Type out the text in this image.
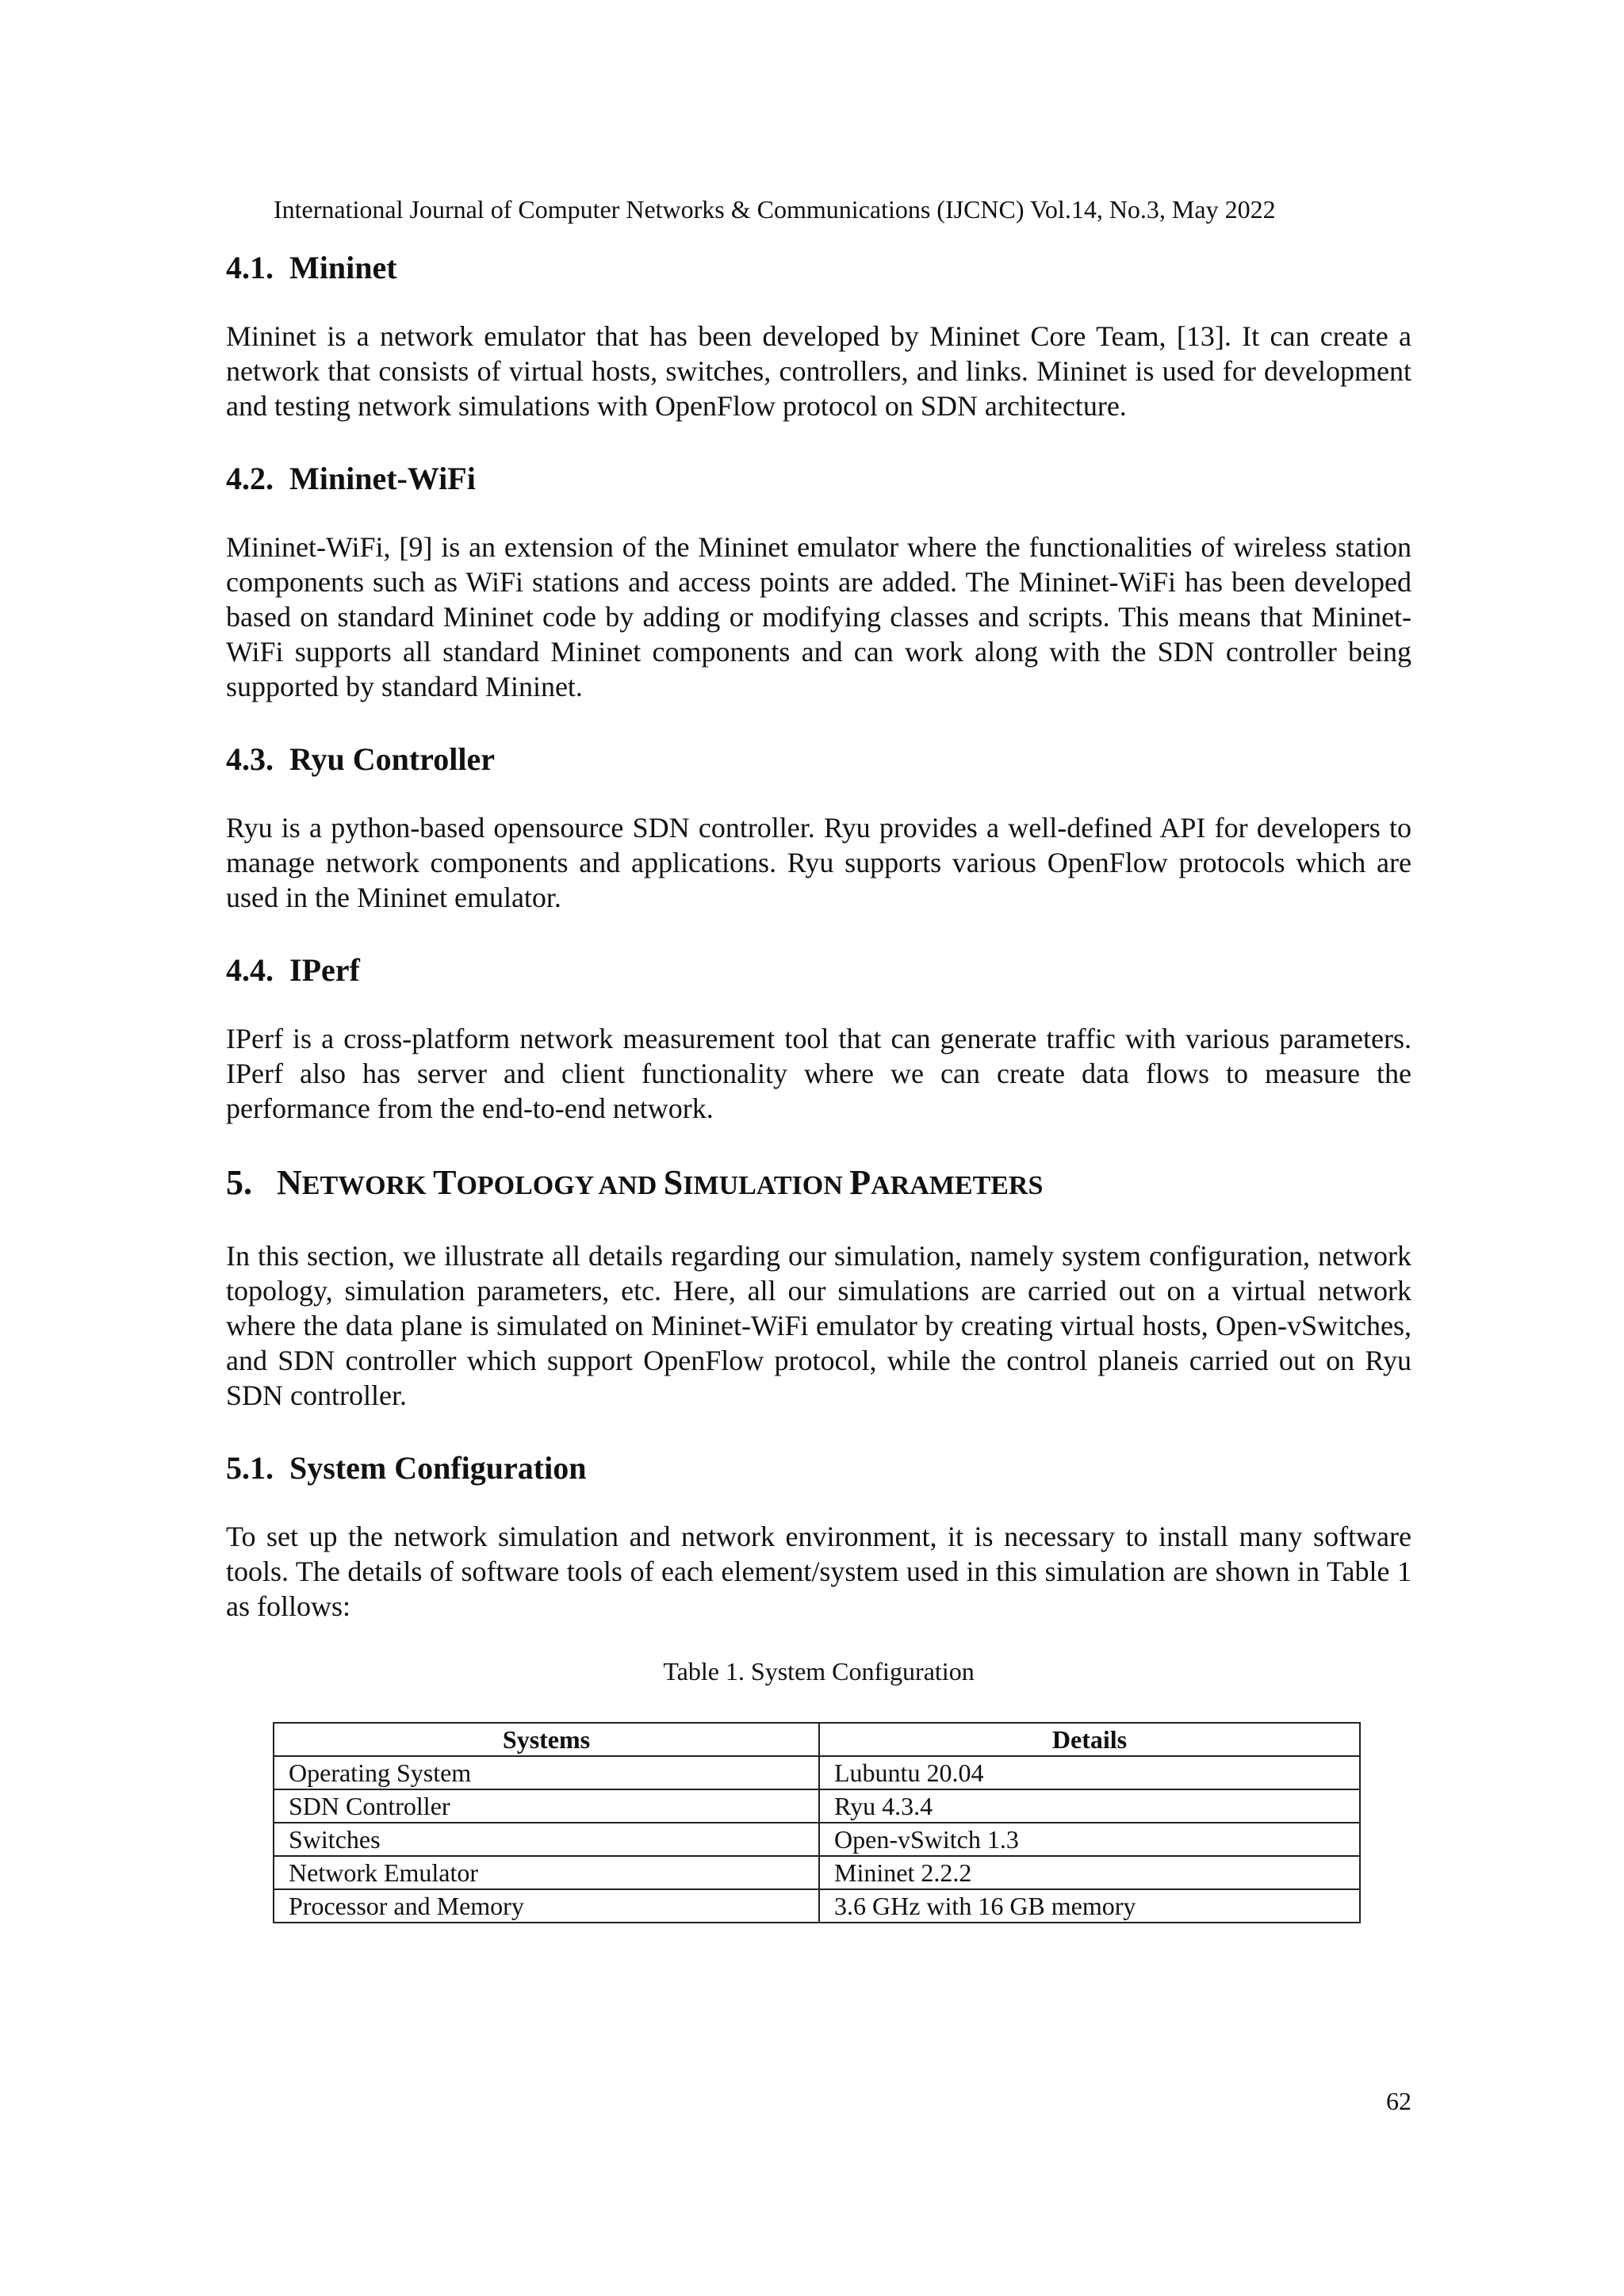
International Journal of Computer Networks & Communications (IJCNC) Vol.14, No.3, May 2022
4.1. Mininet

Mininet is a network emulator that has been developed by Mininet Core Team, [13]. It can create a network that consists of virtual hosts, switches, controllers, and links. Mininet is used for development and testing network simulations with OpenFlow protocol on SDN architecture.

4.2. Mininet-WiFi

Mininet-WiFi, [9] is an extension of the Mininet emulator where the functionalities of wireless station components such as WiFi stations and access points are added. The Mininet-WiFi has been developed based on standard Mininet code by adding or modifying classes and scripts. This means that Mininet-WiFi supports all standard Mininet components and can work along with the SDN controller being supported by standard Mininet.

4.3. Ryu Controller

Ryu is a python-based opensource SDN controller. Ryu provides a well-defined API for developers to manage network components and applications. Ryu supports various OpenFlow protocols which are used in the Mininet emulator.

4.4. IPerf

IPerf is a cross-platform network measurement tool that can generate traffic with various parameters. IPerf also has server and client functionality where we can create data flows to measure the performance from the end-to-end network.

5. NETWORK TOPOLOGY AND SIMULATION PARAMETERS

In this section, we illustrate all details regarding our simulation, namely system configuration, network topology, simulation parameters, etc. Here, all our simulations are carried out on a virtual network where the data plane is simulated on Mininet-WiFi emulator by creating virtual hosts, Open-vSwitches, and SDN controller which support OpenFlow protocol, while the control planeis carried out on Ryu SDN controller.

5.1. System Configuration

To set up the network simulation and network environment, it is necessary to install many software tools. The details of software tools of each element/system used in this simulation are shown in Table 1 as follows:

Table 1. System Configuration

Systems	Details
Operating System	Lubuntu 20.04
SDN Controller	Ryu 4.3.4
Switches	Open-vSwitch 1.3
Network Emulator	Mininet 2.2.2
Processor and Memory	3.6 GHz with 16 GB memory
62
